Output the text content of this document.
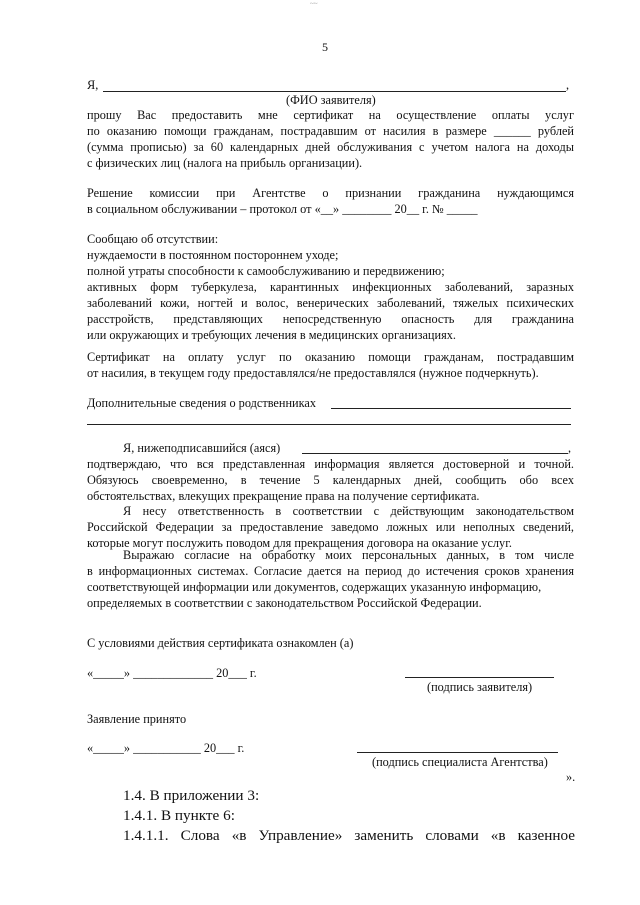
~~
5
Я,	,
(ФИО заявителя)
прошу Вас предоставить мне сертификат на осуществление оплаты услуг
по оказанию помощи гражданам, пострадавшим от насилия в размере ______ рублей
(сумма прописью) за 60 календарных дней обслуживания с учетом налога на доходы
с физических лиц (налога на прибыль организации).
Решение комиссии при Агентстве о признании гражданина нуждающимся
в социальном обслуживании – протокол от «__» ________ 20__ г. № _____
Сообщаю об отсутствии:
нуждаемости в постоянном постороннем уходе;
полной утраты способности к самообслуживанию и передвижению;
активных форм туберкулеза, карантинных инфекционных заболеваний, заразных
заболеваний кожи, ногтей и волос, венерических заболеваний, тяжелых психических
расстройств, представляющих непосредственную опасность для гражданина
или окружающих и требующих лечения в медицинских организациях.
Сертификат на оплату услуг по оказанию помощи гражданам, пострадавшим
от насилия, в текущем году предоставлялся/не предоставлялся (нужное подчеркнуть).
Дополнительные сведения о родственниках
Я, нижеподписавшийся (аяся)	,
подтверждаю, что вся представленная информация является достоверной и точной.
Обязуюсь своевременно, в течение 5 календарных дней, сообщить обо всех
обстоятельствах, влекущих прекращение права на получение сертификата.
Я несу ответственность в соответствии с действующим законодательством
Российской Федерации за предоставление заведомо ложных или неполных сведений,
которые могут послужить поводом для прекращения договора на оказание услуг.
Выражаю согласие на обработку моих персональных данных, в том числе
в информационных системах. Согласие дается на период до истечения сроков хранения
соответствующей информации или документов, содержащих указанную информацию,
определяемых в соответствии с законодательством Российской Федерации.
С условиями действия сертификата ознакомлен (а)
«_____» _____________ 20___ г.
(подпись заявителя)
Заявление принято
«_____» ___________ 20___ г.
(подпись специалиста Агентства)
».
1.4. В приложении 3:
1.4.1. В пункте 6:
1.4.1.1. Слова «в Управление» заменить словами «в казенное
